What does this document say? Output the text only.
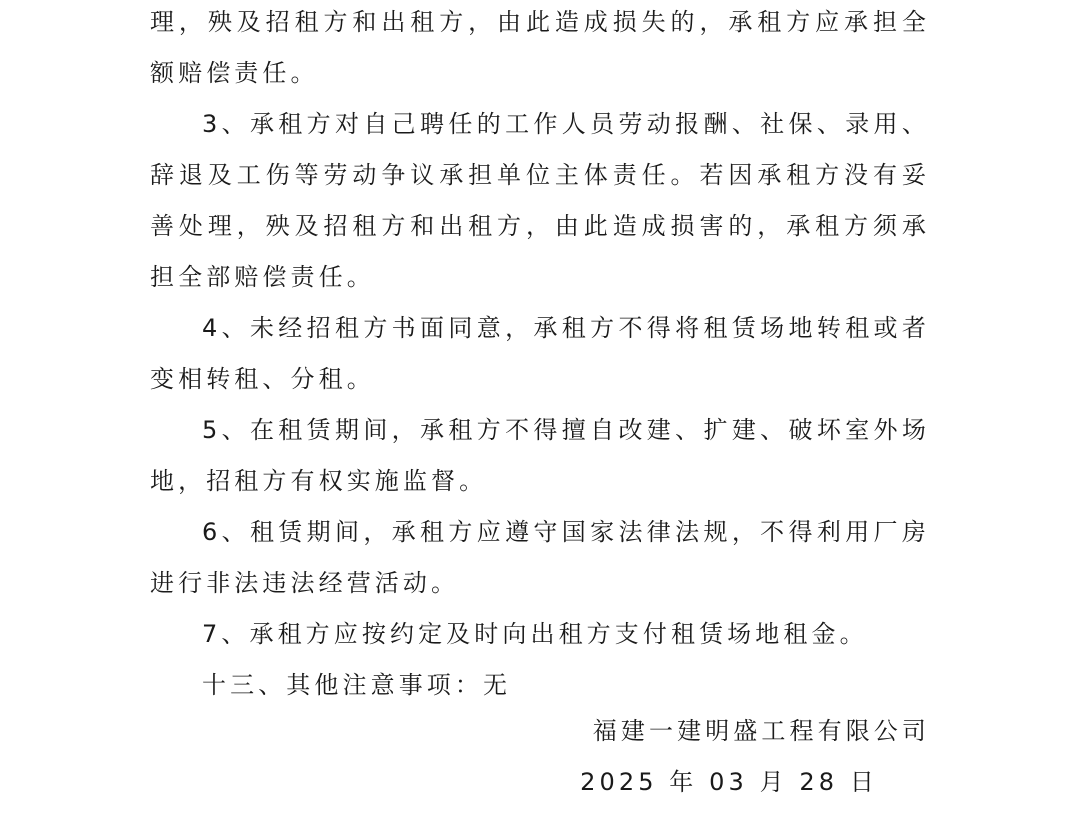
理，殃及招租方和出租方，由此造成损失的，承租方应承担全额赔偿责任。

3、承租方对自己聘任的工作人员劳动报酬、社保、录用、辞退及工伤等劳动争议承担单位主体责任。若因承租方没有妥善处理，殃及招租方和出租方，由此造成损害的，承租方须承担全部赔偿责任。

4、未经招租方书面同意，承租方不得将租赁场地转租或者变相转租、分租。

5、在租赁期间，承租方不得擅自改建、扩建、破坏室外场地，招租方有权实施监督。

6、租赁期间，承租方应遵守国家法律法规，不得利用厂房进行非法违法经营活动。

7、承租方应按约定及时向出租方支付租赁场地租金。

十三、其他注意事项：无

福建一建明盛工程有限公司
2025 年 03 月 28 日
